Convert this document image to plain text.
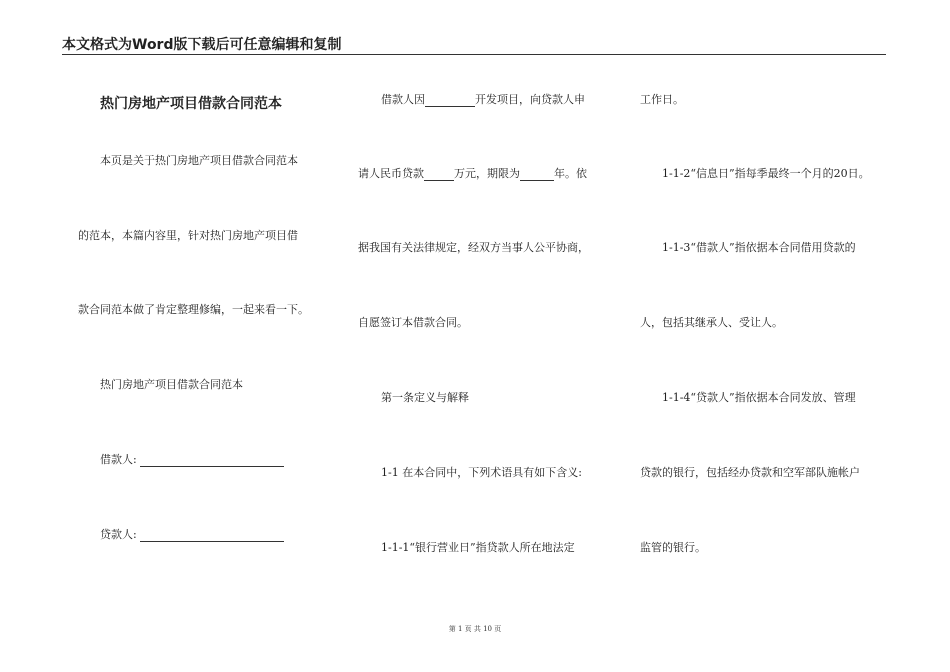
本文格式为Word版下载后可任意编辑和复制
热门房地产项目借款合同范本
本页是关于热门房地产项目借款合同范本
的范本，本篇内容里，针对热门房地产项目借
款合同范本做了肯定整理修编，一起来看一下。
热门房地产项目借款合同范本
借款人:
贷款人:
借款人因	开发项目，向贷款人申
请人民币贷款	万元，期限为	年。依
据我国有关法律规定，经双方当事人公平协商，
自愿签订本借款合同。
第一条定义与解释
1-1 在本合同中，下列术语具有如下含义:
1-1-1“银行营业日”指贷款人所在地法定
工作日。
1-1-2“信息日”指每季最终一个月的20日。
1-1-3“借款人”指依据本合同借用贷款的
人，包括其继承人、受让人。
1-1-4“贷款人”指依据本合同发放、管理
贷款的银行，包括经办贷款和空军部队施帐户
监管的银行。
第 1 页 共 10 页
